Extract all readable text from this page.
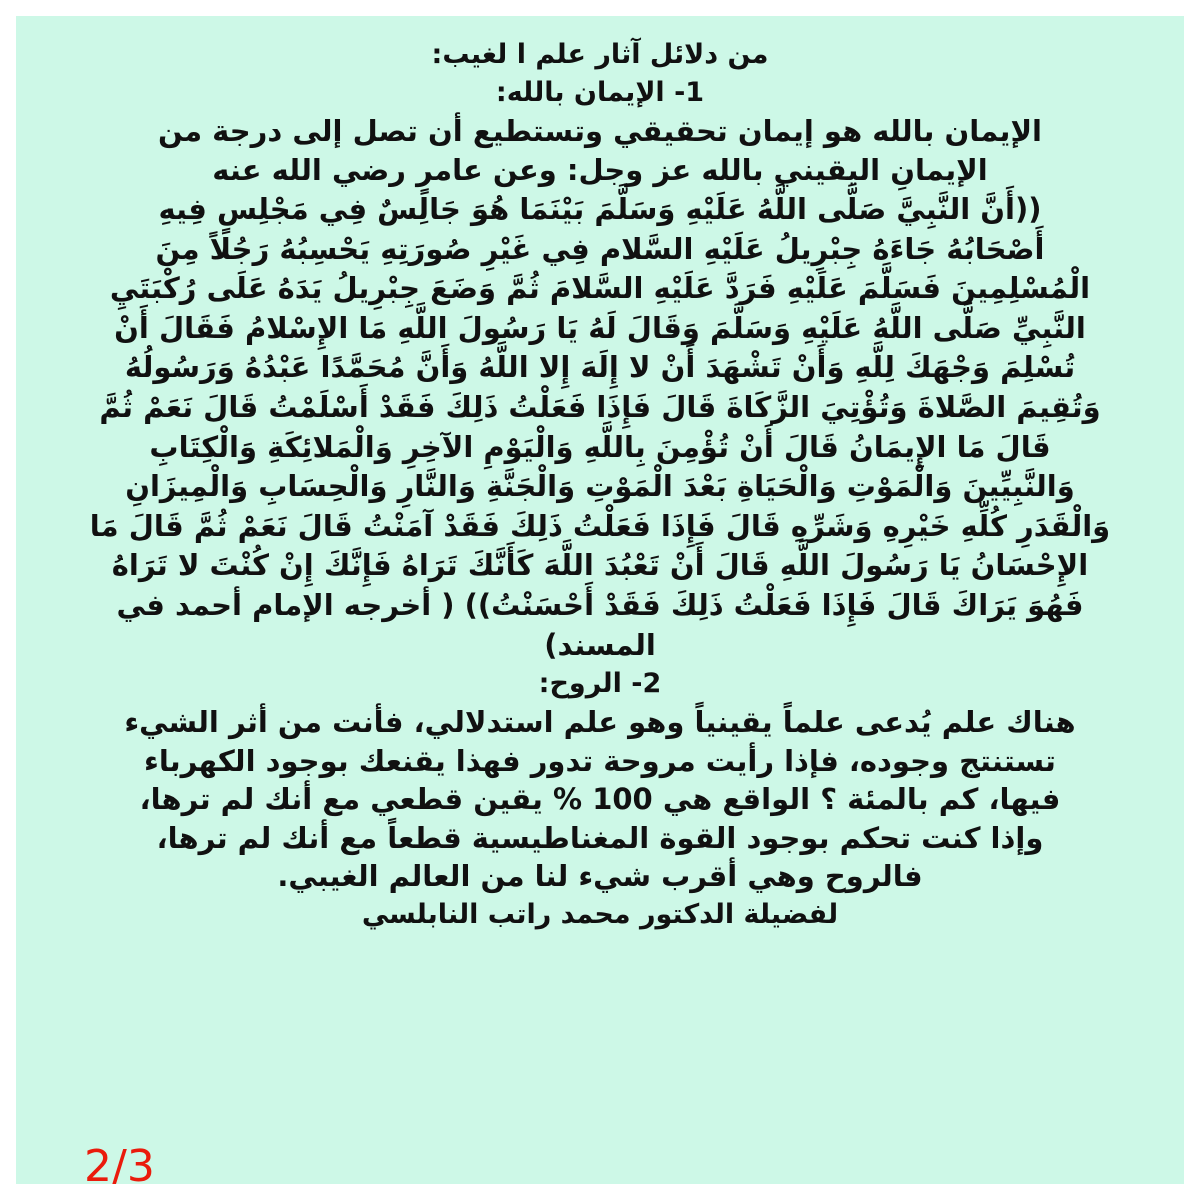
من دلائل آثار علم ا لغيب:

1- الإيمان بالله:

الإيمان بالله هو إيمان تحقيقي وتستطيع أن تصل إلى درجة من
الإيمانِ اليقيني بالله عز وجل: وعن عامرٍ رضي الله عنه

((أَنَّ النَّبِيَّ صَلَّى اللَّهُ عَلَيْهِ وَسَلَّمَ بَيْنَمَا هُوَ جَالِسٌ فِي مَجْلِسٍ فِيهِ
أَصْحَابُهُ جَاءَهُ جِبْرِيلُ عَلَيْهِ السَّلام فِي غَيْرِ صُورَتِهِ يَحْسِبُهُ رَجُلاً مِنَ
الْمُسْلِمِينَ فَسَلَّمَ عَلَيْهِ فَرَدَّ عَلَيْهِ السَّلامَ ثُمَّ وَضَعَ جِبْرِيلُ يَدَهُ عَلَى رُكْبَتَيِ
النَّبِيِّ صَلَّى اللَّهُ عَلَيْهِ وَسَلَّمَ وَقَالَ لَهُ يَا رَسُولَ اللَّهِ مَا الإِسْلامُ فَقَالَ أَنْ
تُسْلِمَ وَجْهَكَ لِلَّهِ وَأَنْ تَشْهَدَ أَنْ لا إِلَهَ إِلا اللَّهُ وَأَنَّ مُحَمَّدًا عَبْدُهُ وَرَسُولُهُ
وَتُقِيمَ الصَّلاةَ وَتُؤْتِيَ الزَّكَاةَ قَالَ فَإِذَا فَعَلْتُ ذَلِكَ فَقَدْ أَسْلَمْتُ قَالَ نَعَمْ ثُمَّ
قَالَ مَا الإِيمَانُ قَالَ أَنْ تُؤْمِنَ بِاللَّهِ وَالْيَوْمِ الآخِرِ وَالْمَلائِكَةِ وَالْكِتَابِ
وَالنَّبِيِّينَ وَالْمَوْتِ وَالْحَيَاةِ بَعْدَ الْمَوْتِ وَالْجَنَّةِ وَالنَّارِ وَالْحِسَابِ وَالْمِيزَانِ
وَالْقَدَرِ كُلِّهِ خَيْرِهِ وَشَرِّهِ قَالَ فَإِذَا فَعَلْتُ ذَلِكَ فَقَدْ آمَنْتُ قَالَ نَعَمْ ثُمَّ قَالَ مَا
الإِحْسَانُ يَا رَسُولَ اللَّهِ قَالَ أَنْ تَعْبُدَ اللَّهَ كَأَنَّكَ تَرَاهُ فَإِنَّكَ إِنْ كُنْتَ لا تَرَاهُ
فَهُوَ يَرَاكَ قَالَ فَإِذَا فَعَلْتُ ذَلِكَ فَقَدْ أَحْسَنْتُ)) ( أخرجه الإمام أحمد في
المسند)

2- الروح:

هناك علم يُدعى علماً يقينياً وهو علم استدلالي، فأنت من أثر الشيء
تستنتج وجوده، فإذا رأيت مروحة تدور فهذا يقنعك بوجود الكهرباء
فيها، كم بالمئة ؟ الواقع هي 100 % يقين قطعي مع أنك لم ترها،
وإذا كنت تحكم بوجود القوة المغناطيسية قطعاً مع أنك لم ترها،
فالروح وهي أقرب شيء لنا من العالم الغيبي.

لفضيلة الدكتور محمد راتب النابلسي

2/3
